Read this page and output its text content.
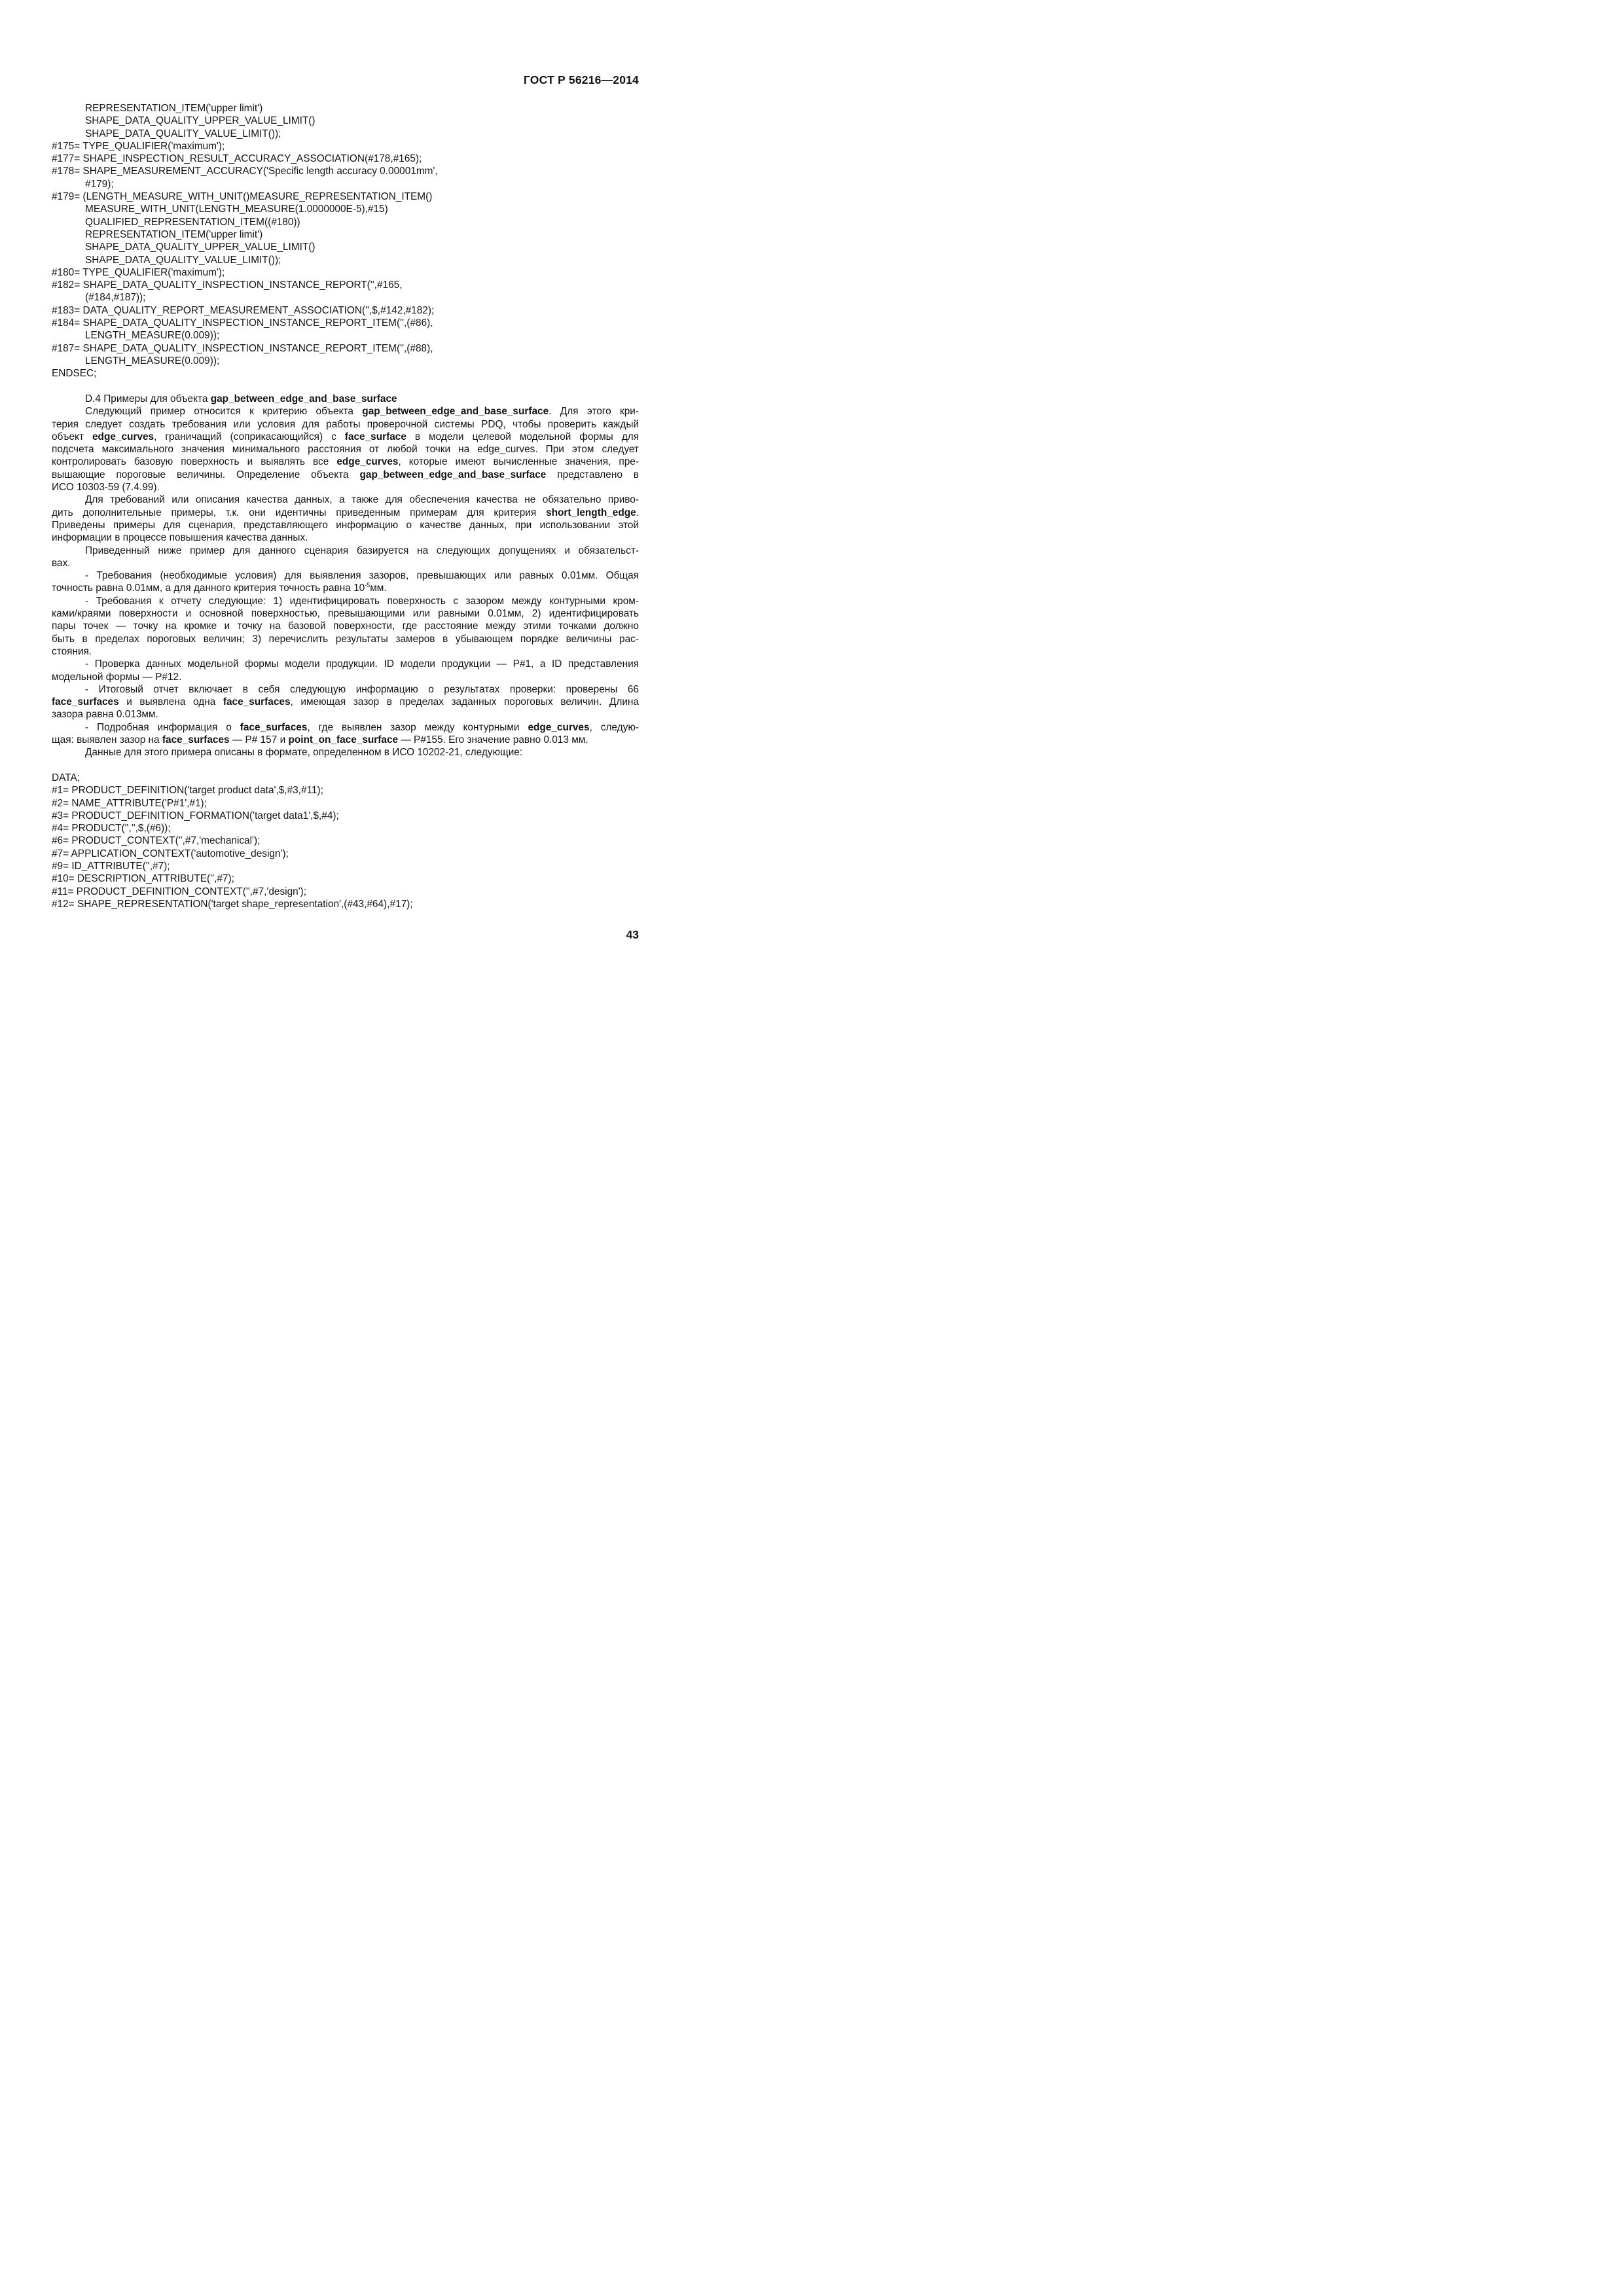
ГОСТ Р 56216—2014
REPRESENTATION_ITEM('upper limit')
SHAPE_DATA_QUALITY_UPPER_VALUE_LIMIT()
SHAPE_DATA_QUALITY_VALUE_LIMIT());
#175= TYPE_QUALIFIER('maximum');
#177= SHAPE_INSPECTION_RESULT_ACCURACY_ASSOCIATION(#178,#165);
#178= SHAPE_MEASUREMENT_ACCURACY('Specific length accuracy 0.00001mm',
#179);
#179= (LENGTH_MEASURE_WITH_UNIT()MEASURE_REPRESENTATION_ITEM()
MEASURE_WITH_UNIT(LENGTH_MEASURE(1.0000000E-5),#15)
QUALIFIED_REPRESENTATION_ITEM((#180))
REPRESENTATION_ITEM('upper limit')
SHAPE_DATA_QUALITY_UPPER_VALUE_LIMIT()
SHAPE_DATA_QUALITY_VALUE_LIMIT());
#180= TYPE_QUALIFIER('maximum');
#182= SHAPE_DATA_QUALITY_INSPECTION_INSTANCE_REPORT('',#165,
(#184,#187));
#183= DATA_QUALITY_REPORT_MEASUREMENT_ASSOCIATION('',$,#142,#182);
#184= SHAPE_DATA_QUALITY_INSPECTION_INSTANCE_REPORT_ITEM('',(#86),
LENGTH_MEASURE(0.009));
#187= SHAPE_DATA_QUALITY_INSPECTION_INSTANCE_REPORT_ITEM('',(#88),
LENGTH_MEASURE(0.009));
ENDSEC;
D.4 Примеры для объекта gap_between_edge_and_base_surface
Следующий пример относится к критерию объекта gap_between_edge_and_base_surface. Для этого кри-
терия следует создать требования или условия для работы проверочной системы PDQ, чтобы проверить каждый
объект edge_curves, граничащий (соприкасающийся) с face_surface в модели целевой модельной формы для
подсчета максимального значения минимального расстояния от любой точки на edge_curves. При этом следует
контролировать базовую поверхность и выявлять все edge_curves, которые имеют вычисленные значения, пре-
вышающие пороговые величины. Определение объекта gap_between_edge_and_base_surface представлено в
ИСО 10303-59 (7.4.99).
Для требований или описания качества данных, а также для обеспечения качества не обязательно приво-
дить дополнительные примеры, т.к. они идентичны приведенным примерам для критерия short_length_edge.
Приведены примеры для сценария, представляющего информацию о качестве данных, при использовании этой
информации в процессе повышения качества данных.
Приведенный ниже пример для данного сценария базируется на следующих допущениях и обязательст-
вах.
- Требования (необходимые условия) для выявления зазоров, превышающих или равных 0.01мм. Общая
точность равна 0.01мм, а для данного критерия точность равна $10^{-5}мм$.
- Требования к отчету следующие: 1) идентифицировать поверхность с зазором между контурными кром-
ками/краями поверхности и основной поверхностью, превышающими или равными 0.01мм, 2) идентифицировать
пары точек — точку на кромке и точку на базовой поверхности, где расстояние между этими точками должно
быть в пределах пороговых величин; 3) перечислить результаты замеров в убывающем порядке величины рас-
стояния.
- Проверка данных модельной формы модели продукции. ID модели продукции — P#1, а ID представления
модельной формы — P#12.
- Итоговый отчет включает в себя следующую информацию о результатах проверки: проверены 66
face_surfaces и выявлена одна face_surfaces, имеющая зазор в пределах заданных пороговых величин. Длина
зазора равна 0.013мм.
- Подробная информация о face_surfaces, где выявлен зазор между контурными edge_curves, следую-
щая: выявлен зазор на face_surfaces — P# 157 и point_on_face_surface — P#155. Его значение равно 0.013 мм.
Данные для этого примера описаны в формате, определенном в ИСО 10202-21, следующие:
DATA;
#1= PRODUCT_DEFINITION('target product data',$,#3,#11);
#2= NAME_ATTRIBUTE('P#1',#1);
#3= PRODUCT_DEFINITION_FORMATION('target data1',$,#4);
#4= PRODUCT('','',$,(#6));
#6= PRODUCT_CONTEXT('',#7,'mechanical');
#7= APPLICATION_CONTEXT('automotive_design');
#9= ID_ATTRIBUTE('',#7);
#10= DESCRIPTION_ATTRIBUTE('',#7);
#11= PRODUCT_DEFINITION_CONTEXT('',#7,'design');
#12= SHAPE_REPRESENTATION('target shape_representation',(#43,#64),#17);
43
